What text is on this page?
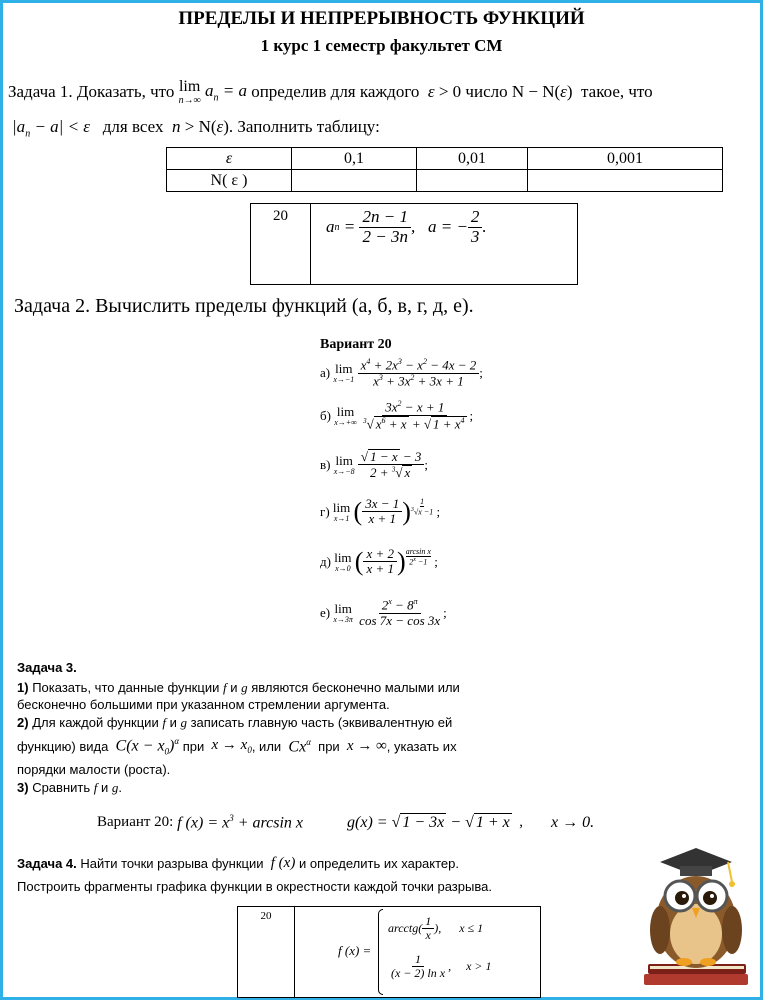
ПРЕДЕЛЫ И НЕПРЕРЫВНОСТЬ ФУНКЦИЙ
1 курс 1 семестр факультет СМ
Задача 1. Доказать, что
lim
n→∞

$a_n = a$
определив для каждого
ε > 0 число N − N( ε ) такое, что
$|a_n - a| < \varepsilon$ для всех n > N(ε). Заполнить таблицу:
ε	0,1	0,01	0,001
N( ε )			
20
a $n = \frac{2n - 1}{2 - 3n}$ ,   a = − $\frac{2}{3}$ .
Задача 2. Вычислить пределы функций (а, б, в, г, д, е).
Вариант 20
а)
lim
x→−1
$\frac{x^4 + 2x^3 - x^2 - 4x - 2}{x^3 + 3x^2 + 3x + 1}$ ;
б)
lim
x→+∞
$\frac{3x^2 - x + 1}{^3√ x^6 + x + √ 1 + x^4}$ ;
в)
lim
x→−8
$\frac{√ 1 - x - 3}{2 + ^3√ x}$ ;
г)
lim
x→1
( $\frac{3x - 1}{x + 1}$ ) 1
$^3$√x −1 ;
д)
lim
x→0
( $\frac{x + 2}{x + 1}$ ) arcsin x
$2^x -1$ ;
е)
lim
x→3π
$\frac{2^x - 8^\pi}{\cos 7x - \cos 3x}$ ;
Задача 3.
1) Показать, что данные функции f и g являются бесконечно малыми или
бесконечно большими при указанном стремлении аргумента.
2) Для каждой функции f и g записать главную часть (эквивалентную ей
функцию) вида
$C(x - x_0)^\alpha$
при
$x \to x_0$ , или
$Cx^\alpha$
при
x → ∞ , указать их
порядки малости (роста).
3) Сравнить f и g.
Вариант 20:
f $(x) = x^3 + \arcsin x$	g(x) = √ 1 − 3x − √ 1 + x , x → 0.
Задача 4.
Найти точки разрыва функции
f (x)
и определить их характер.
Построить фрагменты графика функции в окрестности каждой точки разрыва.
20
f (x) =
arcctg( $\frac{1}{x}$ ),      x ≤ 1
$\frac{1}{\text{(x − 2) ln x}}$ ,     x > 1
